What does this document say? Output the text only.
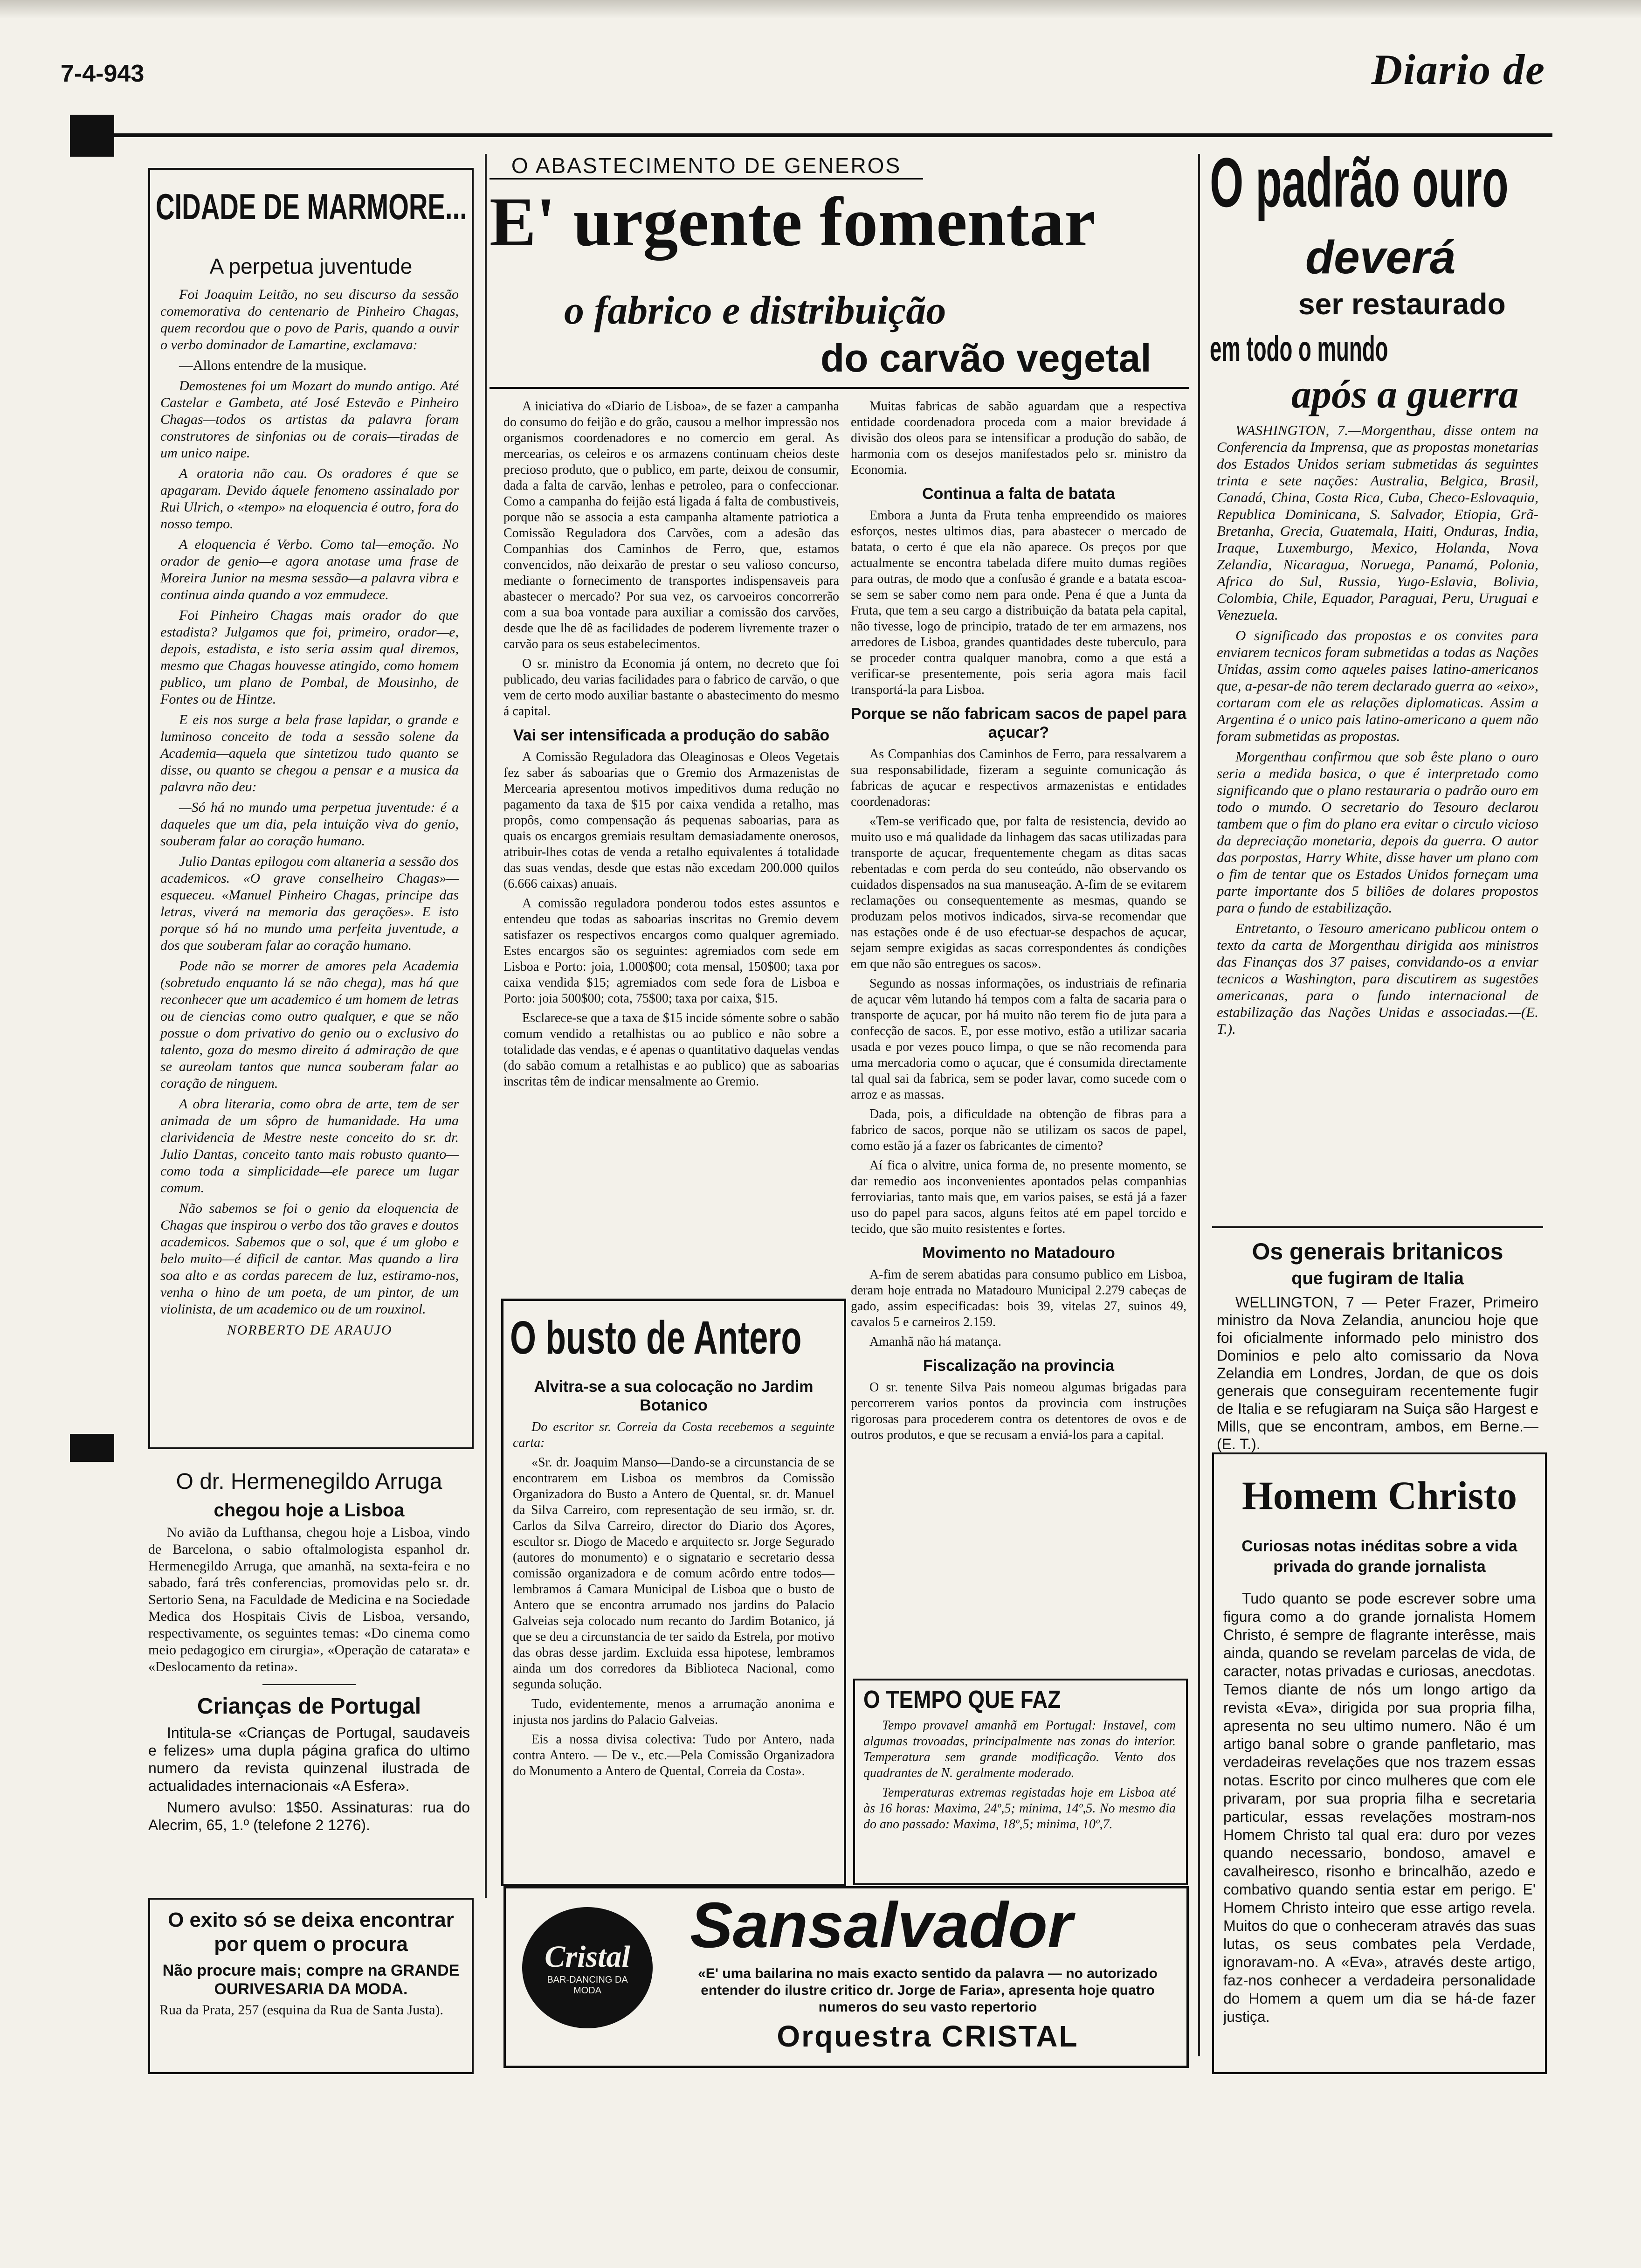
7-4-943	Diario de
CIDADE DE MARMORE...
A perpetua juventude

Foi Joaquim Leitão, no seu discurso da sessão comemorativa do centenario de Pinheiro Chagas, quem recordou que o povo de Paris, quando a ouvir o verbo dominador de Lamartine, exclamava:

—Allons entendre de la musique.

Demostenes foi um Mozart do mundo antigo. Até Castelar e Gambeta, até José Estevão e Pinheiro Chagas—todos os artistas da palavra foram construtores de sinfonias ou de corais—tiradas de um unico naipe.

A oratoria não cau. Os oradores é que se apagaram. Devido áquele fenomeno assinalado por Rui Ulrich, o «tempo» na eloquencia é outro, fora do nosso tempo.

A eloquencia é Verbo. Como tal—emoção. No orador de genio—e agora anotase uma frase de Moreira Junior na mesma sessão—a palavra vibra e continua ainda quando a voz emmudece.

Foi Pinheiro Chagas mais orador do que estadista? Julgamos que foi, primeiro, orador—e, depois, estadista, e isto seria assim qual diremos, mesmo que Chagas houvesse atingido, como homem publico, um plano de Pombal, de Mousinho, de Fontes ou de Hintze.

E eis nos surge a bela frase lapidar, o grande e luminoso conceito de toda a sessão solene da Academia—aquela que sintetizou tudo quanto se disse, ou quanto se chegou a pensar e a musica da palavra não deu:

—Só há no mundo uma perpetua juventude: é a daqueles que um dia, pela intuição viva do genio, souberam falar ao coração humano.

Julio Dantas epilogou com altaneria a sessão dos academicos. «O grave conselheiro Chagas»—esqueceu. «Manuel Pinheiro Chagas, principe das letras, viverá na memoria das gerações». E isto porque só há no mundo uma perfeita juventude, a dos que souberam falar ao coração humano.

Pode não se morrer de amores pela Academia (sobretudo enquanto lá se não chega), mas há que reconhecer que um academico é um homem de letras ou de ciencias como outro qualquer, e que se não possue o dom privativo do genio ou o exclusivo do talento, goza do mesmo direito á admiração de que se aureolam tantos que nunca souberam falar ao coração de ninguem.

A obra literaria, como obra de arte, tem de ser animada de um sôpro de humanidade. Ha uma clarividencia de Mestre neste conceito do sr. dr. Julio Dantas, conceito tanto mais robusto quanto—como toda a simplicidade—ele parece um lugar comum.

Não sabemos se foi o genio da eloquencia de Chagas que inspirou o verbo dos tão graves e doutos academicos. Sabemos que o sol, que é um globo e belo muito—é dificil de cantar. Mas quando a lira soa alto e as cordas parecem de luz, estiramo-nos, venha o hino de um poeta, de um pintor, de um violinista, de um academico ou de um rouxinol.

NORBERTO DE ARAUJO
O dr. Hermenegildo Arruga
chegou hoje a Lisboa

No avião da Lufthansa, chegou hoje a Lisboa, vindo de Barcelona, o sabio oftalmologista espanhol dr. Hermenegildo Arruga, que amanhã, na sexta-feira e no sabado, fará três conferencias, promovidas pelo sr. dr. Sertorio Sena, na Faculdade de Medicina e na Sociedade Medica dos Hospitais Civis de Lisboa, versando, respectivamente, os seguintes temas: «Do cinema como meio pedagogico em cirurgia», «Operação de catarata» e «Deslocamento da retina».

Crianças de Portugal

Intitula-se «Crianças de Portugal, saudaveis e felizes» uma dupla página grafica do ultimo numero da revista quinzenal ilustrada de actualidades internacionais «A Esfera».

Numero avulso: 1$50. Assinaturas: rua do Alecrim, 65, 1.º (telefone 2 1276).

O exito só se deixa encontrar por quem o procura
Não procure mais; compre na GRANDE OURIVESARIA DA MODA.
Rua da Prata, 257 (esquina da Rua de Santa Justa).
O ABASTECIMENTO DE GENEROS
E' urgente fomentar
o fabrico e distribuição
do carvão vegetal

A iniciativa do «Diario de Lisboa», de se fazer a campanha do consumo do feijão e do grão, causou a melhor impressão nos organismos coordenadores e no comercio em geral. As mercearias, os celeiros e os armazens continuam cheios deste precioso produto, que o publico, em parte, deixou de consumir, dada a falta de carvão, lenhas e petroleo, para o confeccionar. Como a campanha do feijão está ligada á falta de combustiveis, porque não se associa a esta campanha altamente patriotica a Comissão Reguladora dos Carvões, com a adesão das Companhias dos Caminhos de Ferro, que, estamos convencidos, não deixarão de prestar o seu valioso concurso, mediante o fornecimento de transportes indispensaveis para abastecer o mercado? Por sua vez, os carvoeiros concorrerão com a sua boa vontade para auxiliar a comissão dos carvões, desde que lhe dê as facilidades de poderem livremente trazer o carvão para os seus estabelecimentos.

O sr. ministro da Economia já ontem, no decreto que foi publicado, deu varias facilidades para o fabrico de carvão, o que vem de certo modo auxiliar bastante o abastecimento do mesmo á capital.

Vai ser intensificada a produção do sabão

A Comissão Reguladora das Oleaginosas e Oleos Vegetais fez saber ás saboarias que o Gremio dos Armazenistas de Mercearia apresentou motivos impeditivos duma redução no pagamento da taxa de $15 por caixa vendida a retalho, mas propôs, como compensação ás pequenas saboarias, para as quais os encargos gremiais resultam demasiadamente onerosos, atribuir-lhes cotas de venda a retalho equivalentes á totalidade das suas vendas, desde que estas não excedam 200.000 quilos (6.666 caixas) anuais.

A comissão reguladora ponderou todos estes assuntos e entendeu que todas as saboarias inscritas no Gremio devem satisfazer os respectivos encargos como qualquer agremiado. Estes encargos são os seguintes: agremiados com sede em Lisboa e Porto: joia, 1.000$00; cota mensal, 150$00; taxa por caixa vendida $15; agremiados com sede fora de Lisboa e Porto: joia 500$00; cota, 75$00; taxa por caixa, $15.

Esclarece-se que a taxa de $15 incide sómente sobre o sabão comum vendido a retalhistas ou ao publico e não sobre a totalidade das vendas, e é apenas o quantitativo daquelas vendas (do sabão comum a retalhistas e ao publico) que as saboarias inscritas têm de indicar mensalmente ao Gremio.

Muitas fabricas de sabão aguardam que a respectiva entidade coordenadora proceda com a maior brevidade á divisão dos oleos para se intensificar a produção do sabão, de harmonia com os desejos manifestados pelo sr. ministro da Economia.

Continua a falta de batata

Embora a Junta da Fruta tenha empreendido os maiores esforços, nestes ultimos dias, para abastecer o mercado de batata, o certo é que ela não aparece. Os preços por que actualmente se encontra tabelada difere muito dumas regiões para outras, de modo que a confusão é grande e a batata escoa-se sem se saber como nem para onde. Pena é que a Junta da Fruta, que tem a seu cargo a distribuição da batata pela capital, não tivesse, logo de principio, tratado de ter em armazens, nos arredores de Lisboa, grandes quantidades deste tuberculo, para se proceder contra qualquer manobra, como a que está a verificar-se presentemente, pois seria agora mais facil transportá-la para Lisboa.

Porque se não fabricam sacos de papel para açucar?

As Companhias dos Caminhos de Ferro, para ressalvarem a sua responsabilidade, fizeram a seguinte comunicação ás fabricas de açucar e respectivos armazenistas e entidades coordenadoras:

«Tem-se verificado que, por falta de resistencia, devido ao muito uso e má qualidade da linhagem das sacas utilizadas para transporte de açucar, frequentemente chegam as ditas sacas rebentadas e com perda do seu conteúdo, não observando os cuidados dispensados na sua manuseação. A-fim de se evitarem reclamações ou consequentemente as mesmas, quando se produzam pelos motivos indicados, sirva-se recomendar que nas estações onde é de uso efectuar-se despachos de açucar, sejam sempre exigidas as sacas correspondentes ás condições em que não são entregues os sacos».

Segundo as nossas informações, os industriais de refinaria de açucar vêm lutando há tempos com a falta de sacaria para o transporte de açucar, por há muito não terem fio de juta para a confecção de sacos. E, por esse motivo, estão a utilizar sacaria usada e por vezes pouco limpa, o que se não recomenda para uma mercadoria como o açucar, que é consumida directamente tal qual sai da fabrica, sem se poder lavar, como sucede com o arroz e as massas.

Dada, pois, a dificuldade na obtenção de fibras para a fabrico de sacos, porque não se utilizam os sacos de papel, como estão já a fazer os fabricantes de cimento?

Aí fica o alvitre, unica forma de, no presente momento, se dar remedio aos inconvenientes apontados pelas companhias ferroviarias, tanto mais que, em varios paises, se está já a fazer uso do papel para sacos, alguns feitos até em papel torcido e tecido, que são muito resistentes e fortes.

Movimento no Matadouro

A-fim de serem abatidas para consumo publico em Lisboa, deram hoje entrada no Matadouro Municipal 2.279 cabeças de gado, assim especificadas: bois 39, vitelas 27, suinos 49, cavalos 5 e carneiros 2.159.

Amanhã não há matança.

Fiscalização na provincia

O sr. tenente Silva Pais nomeou algumas brigadas para percorrerem varios pontos da provincia com instruções rigorosas para procederem contra os detentores de ovos e de outros produtos, e que se recusam a enviá-los para a capital.

O busto de Antero
Alvitra-se a sua colocação no Jardim Botanico

Do escritor sr. Correia da Costa recebemos a seguinte carta:

«Sr. dr. Joaquim Manso—Dando-se a circunstancia de se encontrarem em Lisboa os membros da Comissão Organizadora do Busto a Antero de Quental, sr. dr. Manuel da Silva Carreiro, com representação de seu irmão, sr. dr. Carlos da Silva Carreiro, director do Diario dos Açores, escultor sr. Diogo de Macedo e arquitecto sr. Jorge Segurado (autores do monumento) e o signatario e secretario dessa comissão organizadora e de comum acôrdo entre todos—lembramos á Camara Municipal de Lisboa que o busto de Antero que se encontra arrumado nos jardins do Palacio Galveias seja colocado num recanto do Jardim Botanico, já que se deu a circunstancia de ter saido da Estrela, por motivo das obras desse jardim. Excluida essa hipotese, lembramos ainda um dos corredores da Biblioteca Nacional, como segunda solução.

Tudo, evidentemente, menos a arrumação anonima e injusta nos jardins do Palacio Galveias.

Eis a nossa divisa colectiva: Tudo por Antero, nada contra Antero. — De v., etc.—Pela Comissão Organizadora do Monumento a Antero de Quental, Correia da Costa».

O TEMPO QUE FAZ

Tempo provavel amanhã em Portugal: Instavel, com algumas trovoadas, principalmente nas zonas do interior. Temperatura sem grande modificação. Vento dos quadrantes de N. geralmente moderado.

Temperaturas extremas registadas hoje em Lisboa até às 16 horas: Maxima, 24º,5; minima, 14º,5. No mesmo dia do ano passado: Maxima, 18º,5; minima, 10º,7.

Cristal
BAR-DANCING DA MODA
Sansalvador
«E' uma bailarina no mais exacto sentido da palavra — no autorizado entender do ilustre critico dr. Jorge de Faria», apresenta hoje quatro numeros do seu vasto repertorio
Orquestra CRISTAL
O padrão ouro
deverá
ser restaurado
em todo o mundo
após a guerra

WASHINGTON, 7.—Morgenthau, disse ontem na Conferencia da Imprensa, que as propostas monetarias dos Estados Unidos seriam submetidas ás seguintes trinta e sete nações: Australia, Belgica, Brasil, Canadá, China, Costa Rica, Cuba, Checo-Eslovaquia, Republica Dominicana, S. Salvador, Etiopia, Grã-Bretanha, Grecia, Guatemala, Haiti, Onduras, India, Iraque, Luxemburgo, Mexico, Holanda, Nova Zelandia, Nicaragua, Noruega, Panamá, Polonia, Africa do Sul, Russia, Yugo-Eslavia, Bolivia, Colombia, Chile, Equador, Paraguai, Peru, Uruguai e Venezuela.

O significado das propostas e os convites para enviarem tecnicos foram submetidas a todas as Nações Unidas, assim como aqueles paises latino-americanos que, a-pesar-de não terem declarado guerra ao «eixo», cortaram com ele as relações diplomaticas. Assim a Argentina é o unico pais latino-americano a quem não foram submetidas as propostas.

Morgenthau confirmou que sob êste plano o ouro seria a medida basica, o que é interpretado como significando que o plano restauraria o padrão ouro em todo o mundo. O secretario do Tesouro declarou tambem que o fim do plano era evitar o circulo vicioso da depreciação monetaria, depois da guerra. O autor das porpostas, Harry White, disse haver um plano com o fim de tentar que os Estados Unidos forneçam uma parte importante dos 5 biliões de dolares propostos para o fundo de estabilização.

Entretanto, o Tesouro americano publicou ontem o texto da carta de Morgenthau dirigida aos ministros das Finanças dos 37 paises, convidando-os a enviar tecnicos a Washington, para discutirem as sugestões americanas, para o fundo internacional de estabilização das Nações Unidas e associadas.—(E. T.).

Os generais britanicos
que fugiram de Italia

WELLINGTON, 7 — Peter Frazer, Primeiro ministro da Nova Zelandia, anunciou hoje que foi oficialmente informado pelo ministro dos Dominios e pelo alto comissario da Nova Zelandia em Londres, Jordan, de que os dois generais que conseguiram recentemente fugir de Italia e se refugiaram na Suiça são Hargest e Mills, que se encontram, ambos, em Berne.—(E. T.).

Homem Christo
Curiosas notas inéditas sobre a vida privada do grande jornalista

Tudo quanto se pode escrever sobre uma figura como a do grande jornalista Homem Christo, é sempre de flagrante interêsse, mais ainda, quando se revelam parcelas de vida, de caracter, notas privadas e curiosas, anecdotas. Temos diante de nós um longo artigo da revista «Eva», dirigida por sua propria filha, apresenta no seu ultimo numero. Não é um artigo banal sobre o grande panfletario, mas verdadeiras revelações que nos trazem essas notas. Escrito por cinco mulheres que com ele privaram, por sua propria filha e secretaria particular, essas revelações mostram-nos Homem Christo tal qual era: duro por vezes quando necessario, bondoso, amavel e cavalheiresco, risonho e brincalhão, azedo e combativo quando sentia estar em perigo. E' Homem Christo inteiro que esse artigo revela. Muitos do que o conheceram através das suas lutas, os seus combates pela Verdade, ignoravam-no. A «Eva», através deste artigo, faz-nos conhecer a verdadeira personalidade do Homem a quem um dia se há-de fazer justiça.
